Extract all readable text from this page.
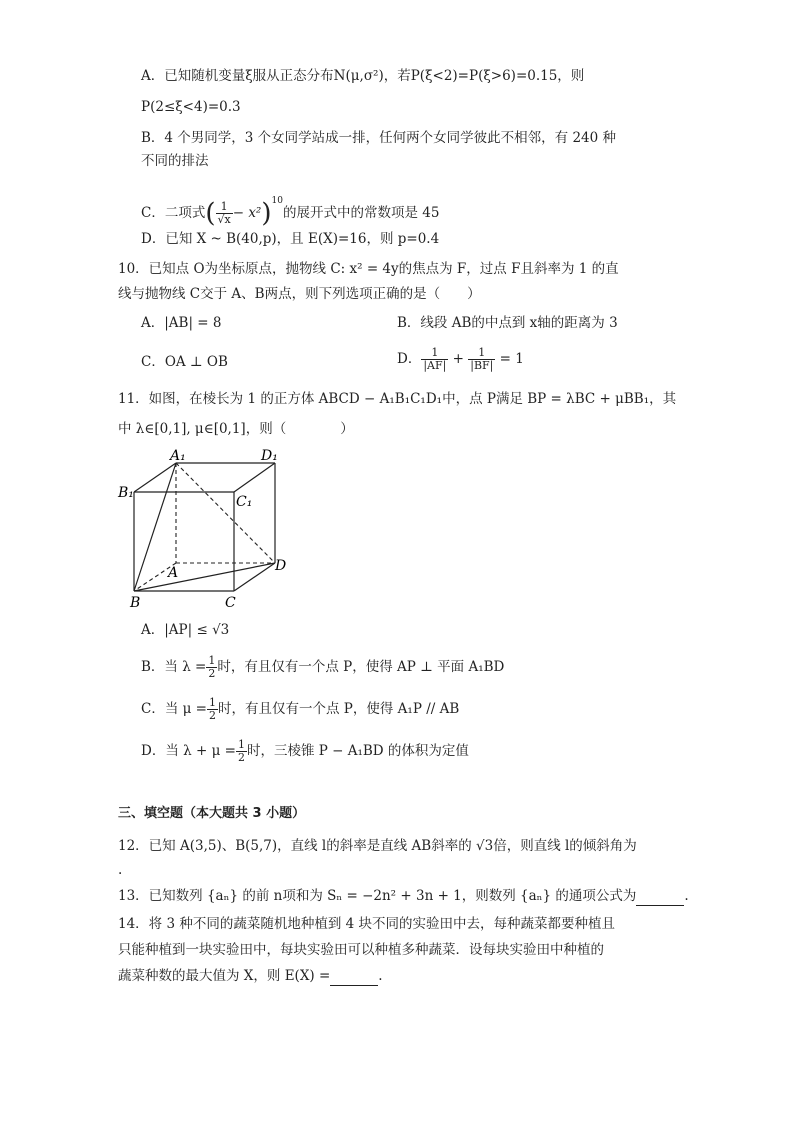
A．已知随机变量ξ服从正态分布N(μ,σ²)，若P(ξ<2)=P(ξ>6)=0.15，则
P(2≤ξ<4)=0.3
B．4 个男同学，3 个女同学站成一排，任何两个女同学彼此不相邻，有 240 种
不同的排法
C．二项式( $\frac{1}{√x} - x^2)^{10}$的展开式中的常数项是 45
D．已知 X ~ B(40,p)，且 E(X)=16，则 p=0.4
10．已知点 O为坐标原点，抛物线 C: x² = 4y的焦点为 F，过点 F且斜率为 1 的直
线与抛物线 C交于 A、B两点，则下列选项正确的是（　　）
A．|AB| = 8	B．线段 AB的中点到 x轴的距离为 3
C．OA ⊥ OB	D． $\frac{1}{|AF|} + \frac{1}{|BF|} = 1$
11．如图，在棱长为 1 的正方体 ABCD − A₁B₁C₁D₁中，点 P满足 BP = λBC + μBB₁，其
中 λ∈[0,1], μ∈[0,1]，则（　　　　）
A₁	D₁
B₁
C₁
A	D
B	C
A．|AP| ≤ √3
B．当 $\lambda = \frac{1}{2}$ 时，有且仅有一个点 P，使得 AP ⊥ 平面 A₁BD
C．当 $\mu = \frac{1}{2}$ 时，有且仅有一个点 P，使得 A₁P // AB
D．当 $\lambda + \mu = \frac{1}{2}$ 时，三棱锥 P − A₁BD 的体积为定值
三、填空题（本大题共 3 小题）
12．已知 A(3,5)、B(5,7)，直线 l的斜率是直线 AB斜率的 √3倍，则直线 l的倾斜角为
.
13．已知数列 {aₙ} 的前 n项和为 Sₙ = −2n² + 3n + 1，则数列 {aₙ} 的通项公式为	.
14．将 3 种不同的蔬菜随机地种植到 4 块不同的实验田中去，每种蔬菜都要种植且
只能种植到一块实验田中，每块实验田可以种植多种蔬菜．设每块实验田中种植的
蔬菜种数的最大值为 X，则 E(X) =	.
